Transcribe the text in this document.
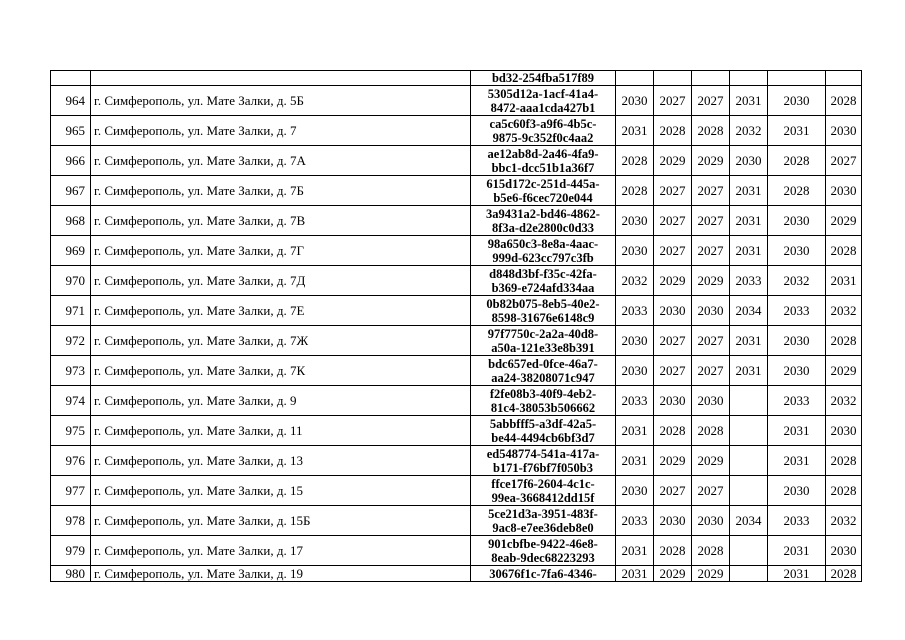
		bd32-254fba517f89						
964	г. Симферополь, ул. Мате Залки, д. 5Б	5305d12a-1acf-41a4-
8472-aaa1cda427b1	2030	2027	2027	2031	2030	2028
965	г. Симферополь, ул. Мате Залки, д. 7	ca5c60f3-a9f6-4b5c-
9875-9c352f0c4aa2	2031	2028	2028	2032	2031	2030
966	г. Симферополь, ул. Мате Залки, д. 7А	ae12ab8d-2a46-4fa9-
bbc1-dcc51b1a36f7	2028	2029	2029	2030	2028	2027
967	г. Симферополь, ул. Мате Залки, д. 7Б	615d172c-251d-445a-
b5e6-f6cec720e044	2028	2027	2027	2031	2028	2030
968	г. Симферополь, ул. Мате Залки, д. 7В	3a9431a2-bd46-4862-
8f3a-d2e2800c0d33	2030	2027	2027	2031	2030	2029
969	г. Симферополь, ул. Мате Залки, д. 7Г	98a650c3-8e8a-4aac-
999d-623cc797c3fb	2030	2027	2027	2031	2030	2028
970	г. Симферополь, ул. Мате Залки, д. 7Д	d848d3bf-f35c-42fa-
b369-e724afd334aa	2032	2029	2029	2033	2032	2031
971	г. Симферополь, ул. Мате Залки, д. 7Е	0b82b075-8eb5-40e2-
8598-31676e6148c9	2033	2030	2030	2034	2033	2032
972	г. Симферополь, ул. Мате Залки, д. 7Ж	97f7750c-2a2a-40d8-
a50a-121e33e8b391	2030	2027	2027	2031	2030	2028
973	г. Симферополь, ул. Мате Залки, д. 7К	bdc657ed-0fce-46a7-
aa24-38208071c947	2030	2027	2027	2031	2030	2029
974	г. Симферополь, ул. Мате Залки, д. 9	f2fe08b3-40f9-4eb2-
81c4-38053b506662	2033	2030	2030		2033	2032
975	г. Симферополь, ул. Мате Залки, д. 11	5abbfff5-a3df-42a5-
be44-4494cb6bf3d7	2031	2028	2028		2031	2030
976	г. Симферополь, ул. Мате Залки, д. 13	ed548774-541a-417a-
b171-f76bf7f050b3	2031	2029	2029		2031	2028
977	г. Симферополь, ул. Мате Залки, д. 15	ffce17f6-2604-4c1c-
99ea-3668412dd15f	2030	2027	2027		2030	2028
978	г. Симферополь, ул. Мате Залки, д. 15Б	5ce21d3a-3951-483f-
9ac8-e7ee36deb8e0	2033	2030	2030	2034	2033	2032
979	г. Симферополь, ул. Мате Залки, д. 17	901cbfbe-9422-46e8-
8eab-9dec68223293	2031	2028	2028		2031	2030
980	г. Симферополь, ул. Мате Залки, д. 19	30676f1c-7fa6-4346-	2031	2029	2029		2031	2028
